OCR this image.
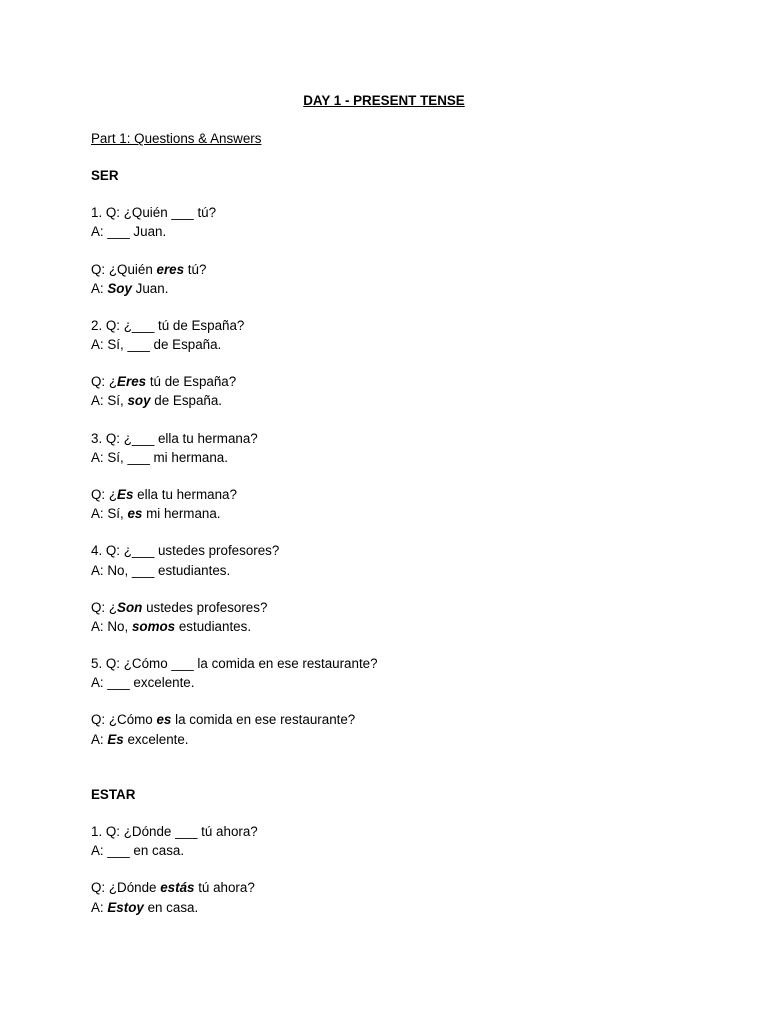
DAY 1 - PRESENT TENSE
Part 1: Questions & Answers
SER
1. Q: ¿Quién ___ tú?
A: ___ Juan.
Q: ¿Quién eres tú?
A: Soy Juan.
2. Q: ¿___ tú de España?
A: Sí, ___ de España.
Q: ¿Eres tú de España?
A: Sí, soy de España.
3. Q: ¿___ ella tu hermana?
A: Sí, ___ mi hermana.
Q: ¿Es ella tu hermana?
A: Sí, es mi hermana.
4. Q: ¿___ ustedes profesores?
A: No, ___ estudiantes.
Q: ¿Son ustedes profesores?
A: No, somos estudiantes.
5. Q: ¿Cómo ___ la comida en ese restaurante?
A: ___ excelente.
Q: ¿Cómo es la comida en ese restaurante?
A: Es excelente.
ESTAR
1. Q: ¿Dónde ___ tú ahora?
A: ___ en casa.
Q: ¿Dónde estás tú ahora?
A: Estoy en casa.
